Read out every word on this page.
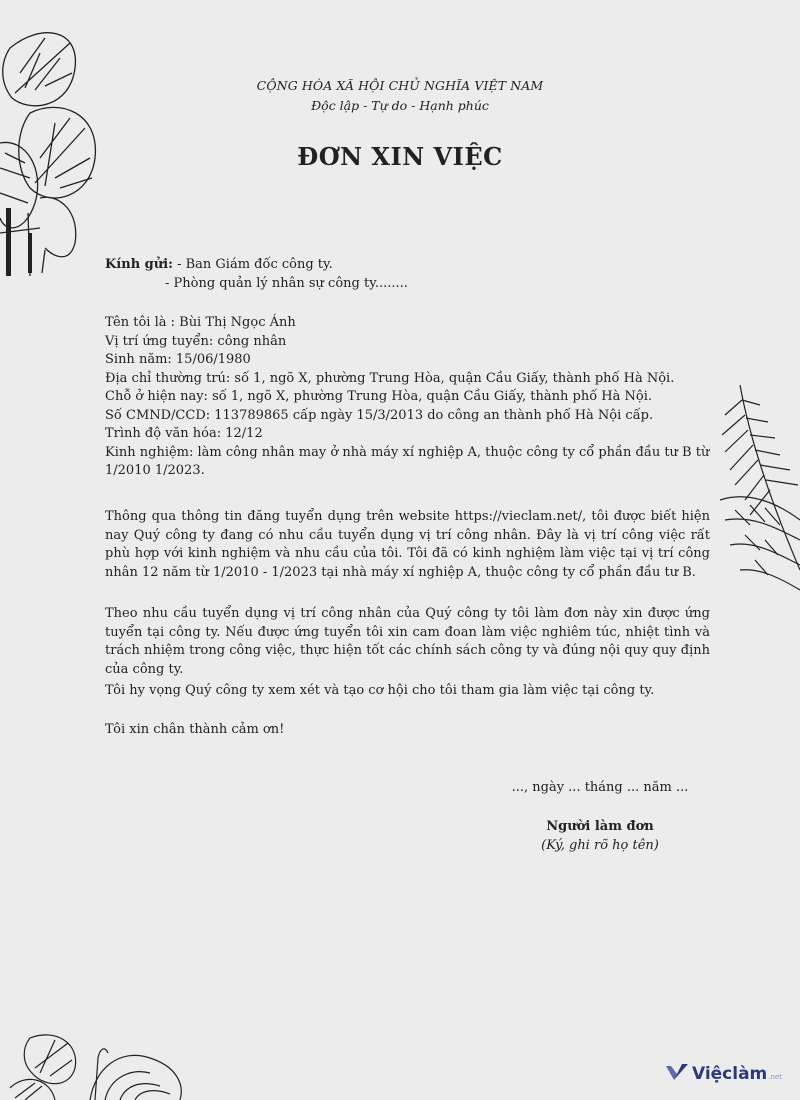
CỘNG HÒA XÃ HỘI CHỦ NGHĨA VIỆT NAM
Độc lập - Tự do - Hạnh phúc
ĐƠN XIN VIỆC
Kính gửi: - Ban Giám đốc công ty.
- Phòng quản lý nhân sự công ty........
Tên tôi là : Bùi Thị Ngọc Ánh
Vị trí ứng tuyển: công nhân
Sinh năm: 15/06/1980
Địa chỉ thường trú: số 1, ngõ X, phường Trung Hòa, quận Cầu Giấy, thành phố Hà Nội.
Chỗ ở hiện nay: số 1, ngõ X, phường Trung Hòa, quận Cầu Giấy, thành phố Hà Nội.
Số CMND/CCD: 113789865 cấp ngày 15/3/2013 do công an thành phố Hà Nội cấp.
Trình độ văn hóa: 12/12
Kinh nghiệm: làm công nhân may ở nhà máy xí nghiệp A, thuộc công ty cổ phần đầu tư B từ
1/2010 1/2023.
Thông qua thông tin đăng tuyển dụng trên website https://vieclam.net/, tôi được biết hiện nay Quý công ty đang có nhu cầu tuyển dụng vị trí công nhân. Đây là vị trí công việc rất phù hợp với kinh nghiệm và nhu cầu của tôi. Tôi đã có kinh nghiệm làm việc tại vị trí công nhân 12 năm từ 1/2010 - 1/2023 tại nhà máy xí nghiệp A, thuộc công ty cổ phần đầu tư B.
Theo nhu cầu tuyển dụng vị trí công nhân của Quý công ty tôi làm đơn này xin được ứng tuyển tại công ty. Nếu được ứng tuyển tôi xin cam đoan làm việc nghiêm túc, nhiệt tình và trách nhiệm trong công việc, thực hiện tốt các chính sách công ty và đúng nội quy quy định của công ty.
Tôi hy vọng Quý công ty xem xét và tạo cơ hội cho tôi tham gia làm việc tại công ty.
Tôi xin chân thành cảm ơn!
..., ngày ... tháng ... năm ...
Người làm đơn
(Ký, ghi rõ họ tên)
Việclàm .net
